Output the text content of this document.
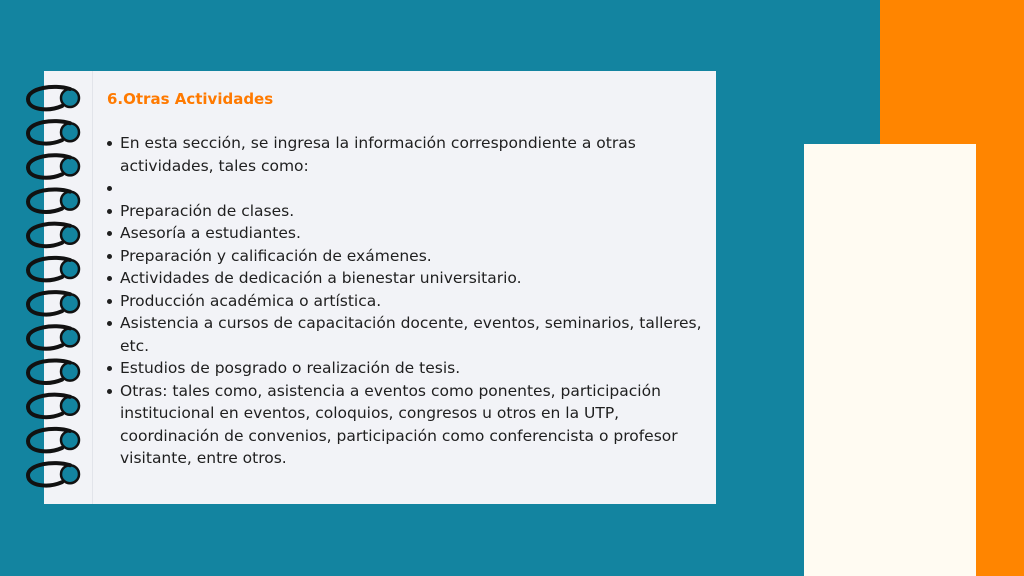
6.Otras Actividades
En esta sección, se ingresa la información correspondiente a otras actividades, tales como:
Preparación de clases.
Asesoría a estudiantes.
Preparación y calificación de exámenes.
Actividades de dedicación a bienestar universitario.
Producción académica o artística.
Asistencia a cursos de capacitación docente, eventos, seminarios, talleres, etc.
Estudios de posgrado o realización de tesis.
Otras: tales como, asistencia a eventos como ponentes, participación institucional en eventos, coloquios, congresos u otros en la UTP, coordinación de convenios, participación como conferencista o profesor visitante, entre otros.
